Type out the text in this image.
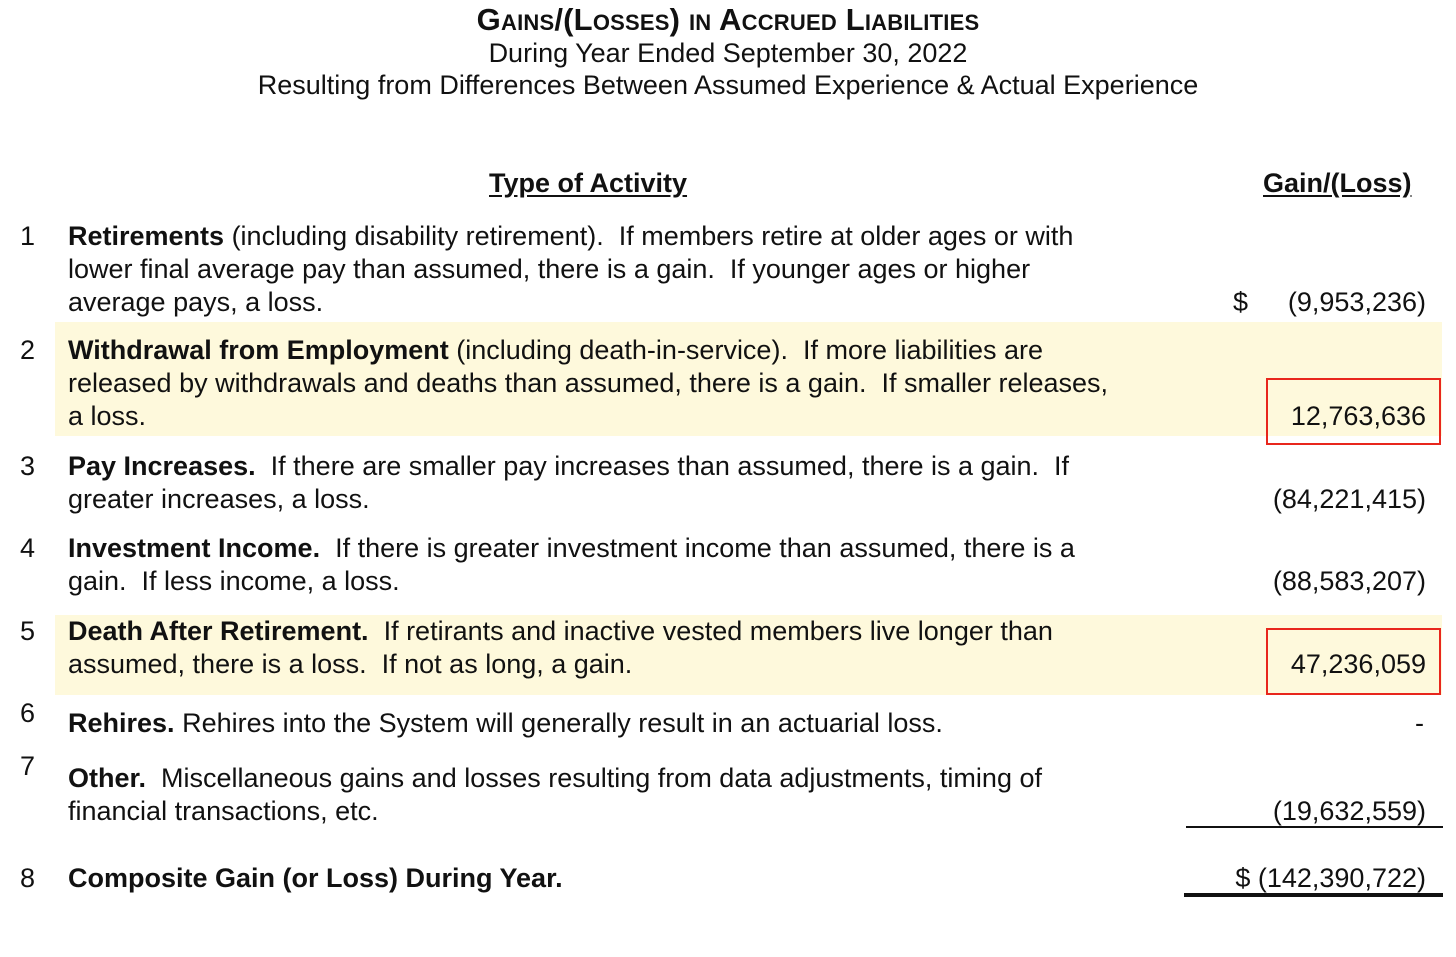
Gains/(Losses) in Accrued Liabilities
During Year Ended September 30, 2022
Resulting from Differences Between Assumed Experience & Actual Experience
Type of Activity	Gain/(Loss)
1 Retirements (including disability retirement).  If members retire at older ages or with
lower final average pay than assumed, there is a gain.  If younger ages or higher
average pays, a loss.	$ (9,953,236)
2 Withdrawal from Employment (including death-in-service).  If more liabilities are
released by withdrawals and deaths than assumed, there is a gain.  If smaller releases,
a loss.	12,763,636
3 Pay Increases.  If there are smaller pay increases than assumed, there is a gain.  If
greater increases, a loss.	(84,221,415)
4 Investment Income.  If there is greater investment income than assumed, there is a
gain.  If less income, a loss.	(88,583,207)
5 Death After Retirement.  If retirants and inactive vested members live longer than
assumed, there is a loss.  If not as long, a gain.	47,236,059
6 Rehires. Rehires into the System will generally result in an actuarial loss.	-
7 Other.  Miscellaneous gains and losses resulting from data adjustments, timing of
financial transactions, etc.	(19,632,559)
8 Composite Gain (or Loss) During Year.	$ (142,390,722)
